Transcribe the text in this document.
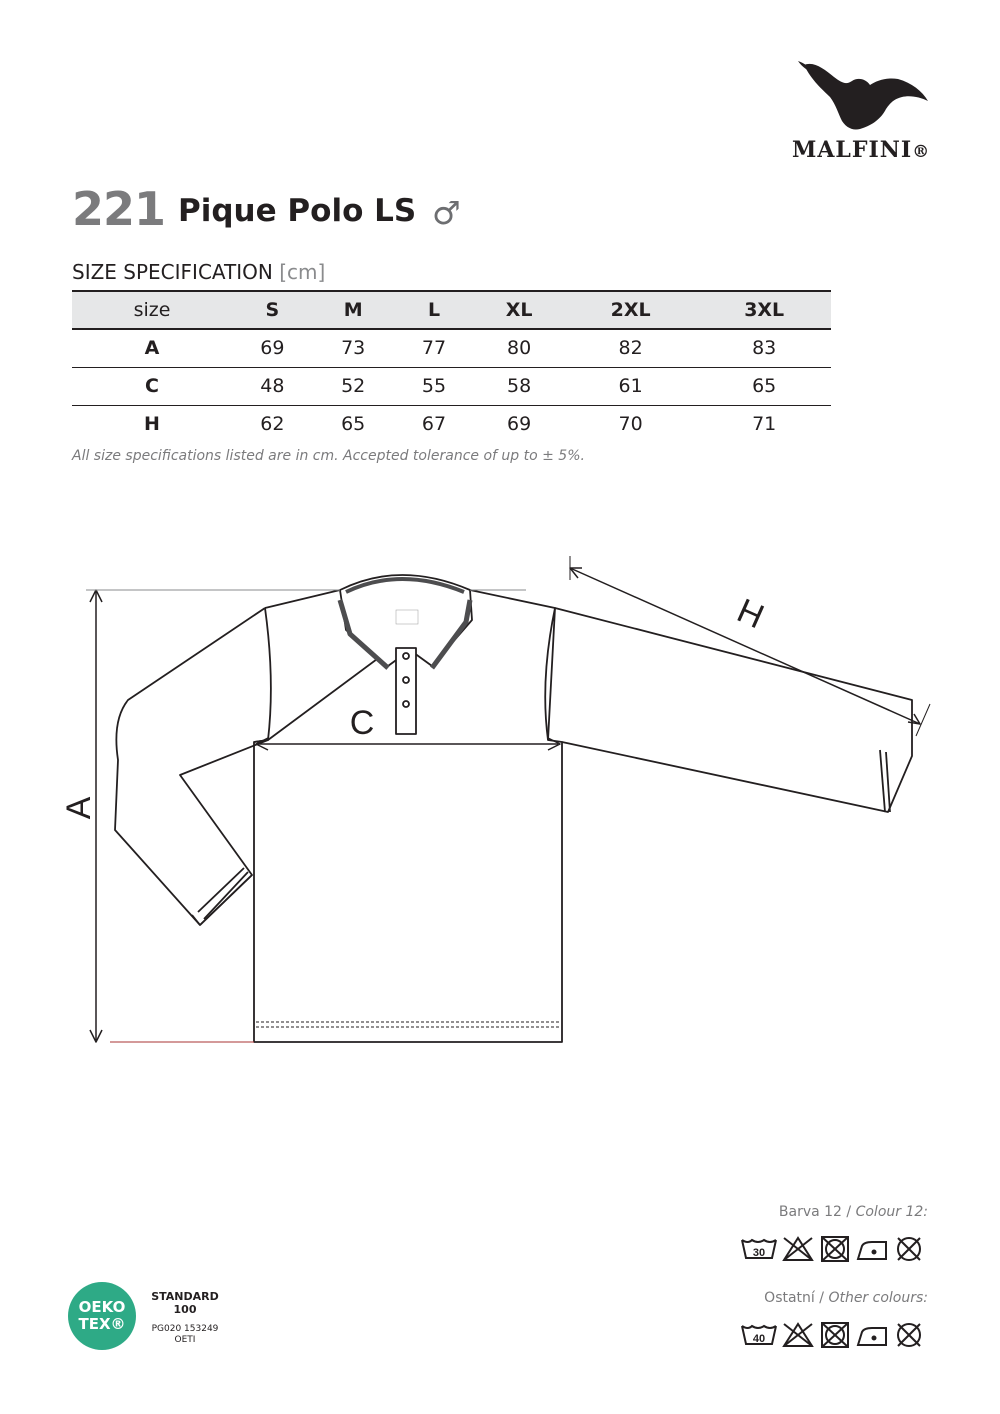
MALFINI®
221 Pique Polo LS ♂
SIZE SPECIFICATION [cm]
size	S	M	L	XL	2XL	3XL
A	69	73	77	80	82	83
C	48	52	55	58	61	65
H	62	65	67	69	70	71
All size specifications listed are in cm. Accepted tolerance of up to ± 5%.
A
C
H
Barva 12 / Colour 12:
30
Ostatní / Other colours:
40
OEKO
TEX®
STANDARD
100
PG020 153249
OETI
